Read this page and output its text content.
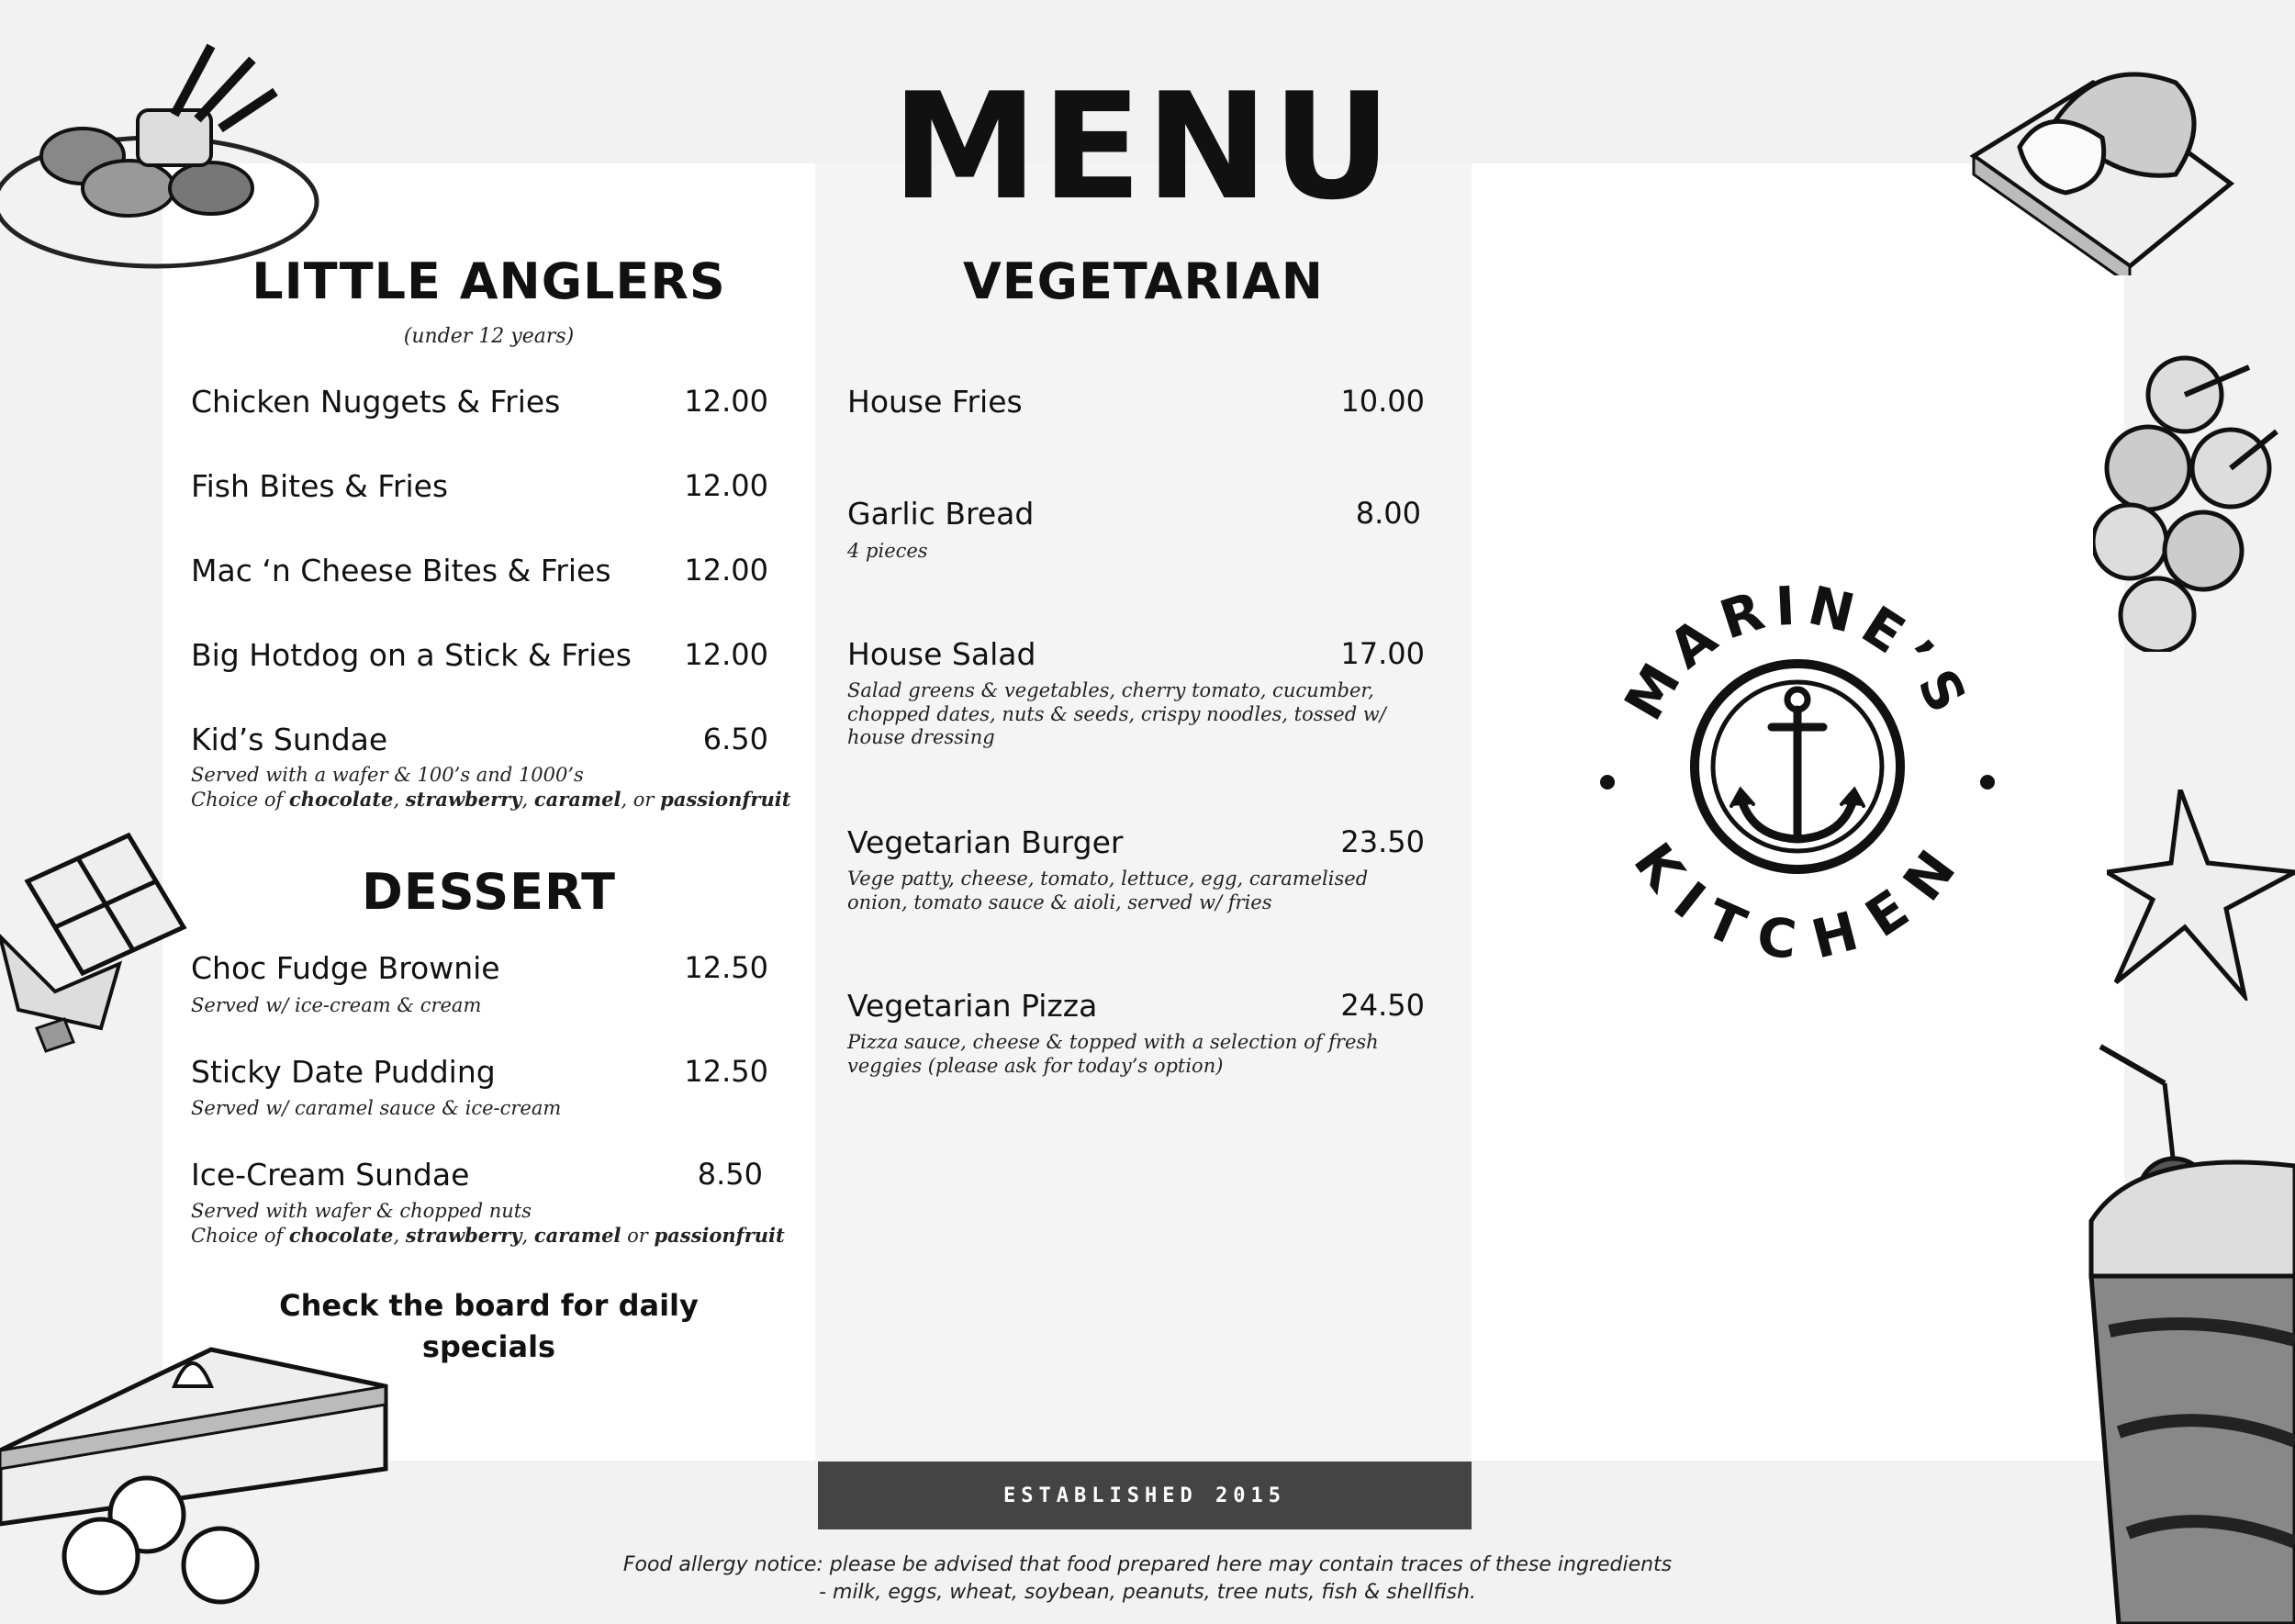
MENU
LITTLE ANGLERS
(under 12 years)
Chicken Nuggets & Fries	12.00
Fish Bites & Fries	12.00
Mac ‘n Cheese Bites & Fries	12.00
Big Hotdog on a Stick & Fries	12.00
Kid’s Sundae	6.50
Served with a wafer & 100’s and 1000’s
Choice of chocolate, strawberry, caramel, or passionfruit
DESSERT
Choc Fudge Brownie	12.50
Served w/ ice-cream & cream
Sticky Date Pudding	12.50
Served w/ caramel sauce & ice-cream
Ice-Cream Sundae	8.50
Served with wafer & chopped nuts
Choice of chocolate, strawberry, caramel or passionfruit
Check the board for daily
specials
VEGETARIAN
House Fries	10.00
Garlic Bread	8.00
4 pieces
House Salad	17.00
Salad greens & vegetables, cherry tomato, cucumber,
chopped dates, nuts & seeds, crispy noodles, tossed w/
house dressing
Vegetarian Burger	23.50
Vege patty, cheese, tomato, lettuce, egg, caramelised
onion, tomato sauce & aioli, served w/ fries
Vegetarian Pizza	24.50
Pizza sauce, cheese & topped with a selection of fresh
veggies (please ask for today’s option)
MARINE’S
KITCHEN
ESTABLISHED 2015
Food allergy notice: please be advised that food prepared here may contain traces of these ingredients
- milk, eggs, wheat, soybean, peanuts, tree nuts, fish & shellfish.
